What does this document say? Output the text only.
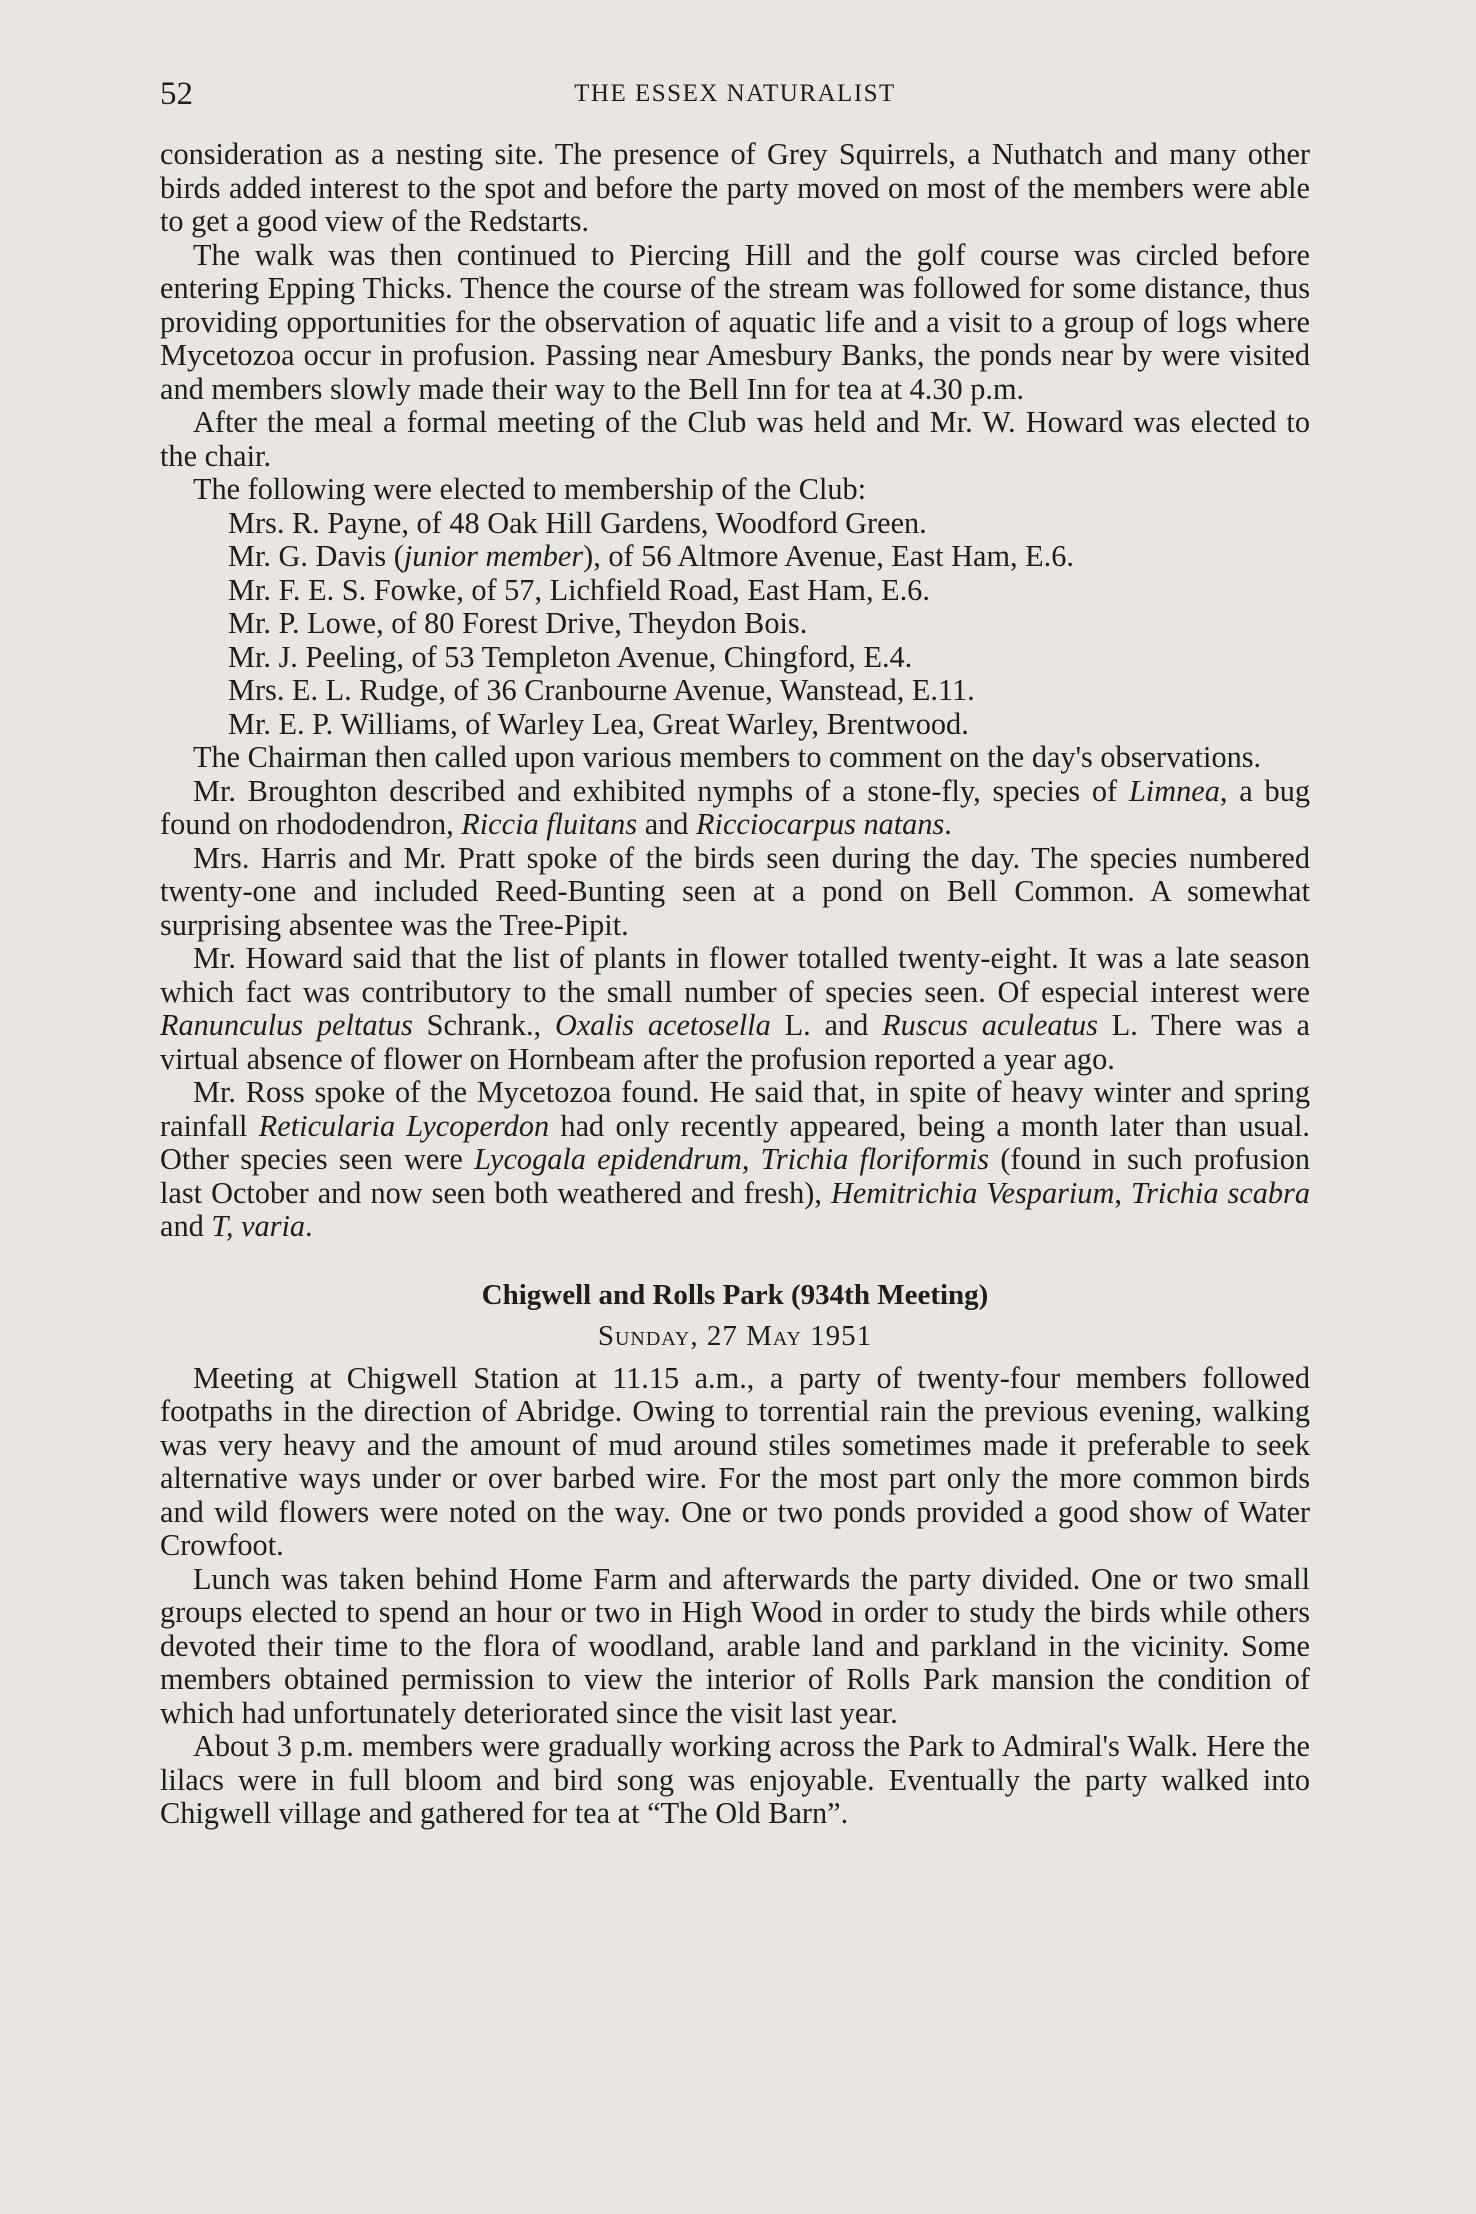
52	THE ESSEX NATURALIST

consideration as a nesting site. The presence of Grey Squirrels, a Nuthatch and many other birds added interest to the spot and before the party moved on most of the members were able to get a good view of the Redstarts.

The walk was then continued to Piercing Hill and the golf course was circled before entering Epping Thicks. Thence the course of the stream was followed for some distance, thus providing opportunities for the observation of aquatic life and a visit to a group of logs where Mycetozoa occur in profusion. Passing near Amesbury Banks, the ponds near by were visited and members slowly made their way to the Bell Inn for tea at 4.30 p.m.

After the meal a formal meeting of the Club was held and Mr. W. Howard was elected to the chair.

The following were elected to membership of the Club:

Mrs. R. Payne, of 48 Oak Hill Gardens, Woodford Green.
Mr. G. Davis (junior member), of 56 Altmore Avenue, East Ham, E.6.
Mr. F. E. S. Fowke, of 57, Lichfield Road, East Ham, E.6.
Mr. P. Lowe, of 80 Forest Drive, Theydon Bois.
Mr. J. Peeling, of 53 Templeton Avenue, Chingford, E.4.
Mrs. E. L. Rudge, of 36 Cranbourne Avenue, Wanstead, E.11.
Mr. E. P. Williams, of Warley Lea, Great Warley, Brentwood.

The Chairman then called upon various members to comment on the day's observations.

Mr. Broughton described and exhibited nymphs of a stone-fly, species of Limnea, a bug found on rhododendron, Riccia fluitans and Ricciocarpus natans.

Mrs. Harris and Mr. Pratt spoke of the birds seen during the day. The species numbered twenty-one and included Reed-Bunting seen at a pond on Bell Common. A somewhat surprising absentee was the Tree-Pipit.

Mr. Howard said that the list of plants in flower totalled twenty-eight. It was a late season which fact was contributory to the small number of species seen. Of especial interest were Ranunculus peltatus Schrank., Oxalis acetosella L. and Ruscus aculeatus L. There was a virtual absence of flower on Hornbeam after the profusion reported a year ago.

Mr. Ross spoke of the Mycetozoa found. He said that, in spite of heavy winter and spring rainfall Reticularia Lycoperdon had only recently appeared, being a month later than usual. Other species seen were Lycogala epidendrum, Trichia floriformis (found in such profusion last October and now seen both weathered and fresh), Hemitrichia Vesparium, Trichia scabra and T, varia.

Chigwell and Rolls Park (934th Meeting)
Sunday, 27 May 1951

Meeting at Chigwell Station at 11.15 a.m., a party of twenty-four members followed footpaths in the direction of Abridge. Owing to torrential rain the previous evening, walking was very heavy and the amount of mud around stiles sometimes made it preferable to seek alternative ways under or over barbed wire. For the most part only the more common birds and wild flowers were noted on the way. One or two ponds provided a good show of Water Crowfoot.

Lunch was taken behind Home Farm and afterwards the party divided. One or two small groups elected to spend an hour or two in High Wood in order to study the birds while others devoted their time to the flora of woodland, arable land and parkland in the vicinity. Some members obtained permission to view the interior of Rolls Park mansion the condition of which had unfortunately deteriorated since the visit last year.

About 3 p.m. members were gradually working across the Park to Admiral's Walk. Here the lilacs were in full bloom and bird song was enjoyable. Eventually the party walked into Chigwell village and gathered for tea at “The Old Barn”.
